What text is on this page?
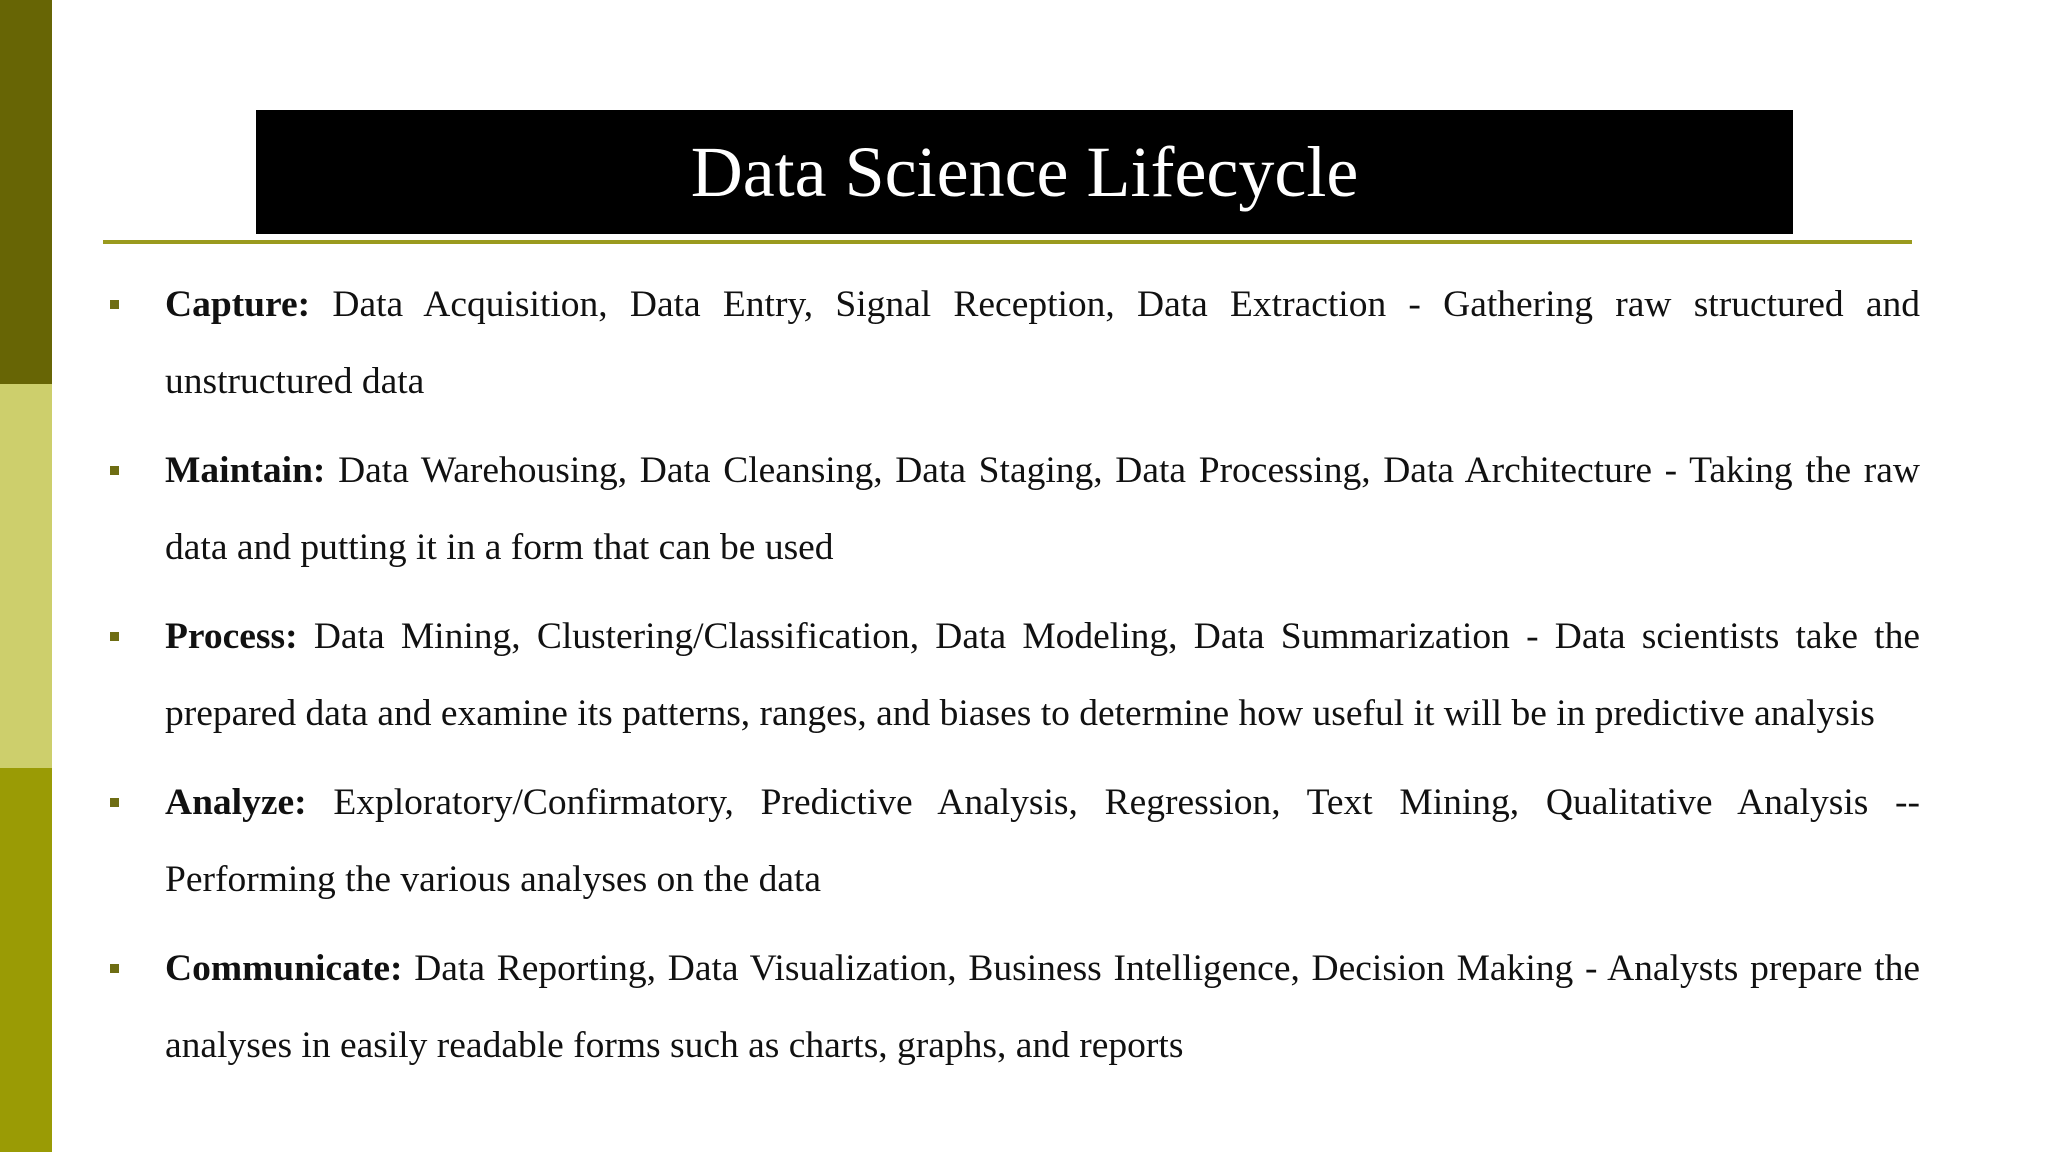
Data Science Lifecycle
Capture: Data Acquisition, Data Entry, Signal Reception, Data Extraction - Gathering raw structured and unstructured data
Maintain: Data Warehousing, Data Cleansing, Data Staging, Data Processing, Data Architecture - Taking the raw data and putting it in a form that can be used
Process: Data Mining, Clustering/Classification, Data Modeling, Data Summarization - Data scientists take the prepared data and examine its patterns, ranges, and biases to determine how useful it will be in predictive analysis
Analyze: Exploratory/Confirmatory, Predictive Analysis, Regression, Text Mining, Qualitative Analysis -- Performing the various analyses on the data
Communicate: Data Reporting, Data Visualization, Business Intelligence, Decision Making - Analysts prepare the analyses in easily readable forms such as charts, graphs, and reports
